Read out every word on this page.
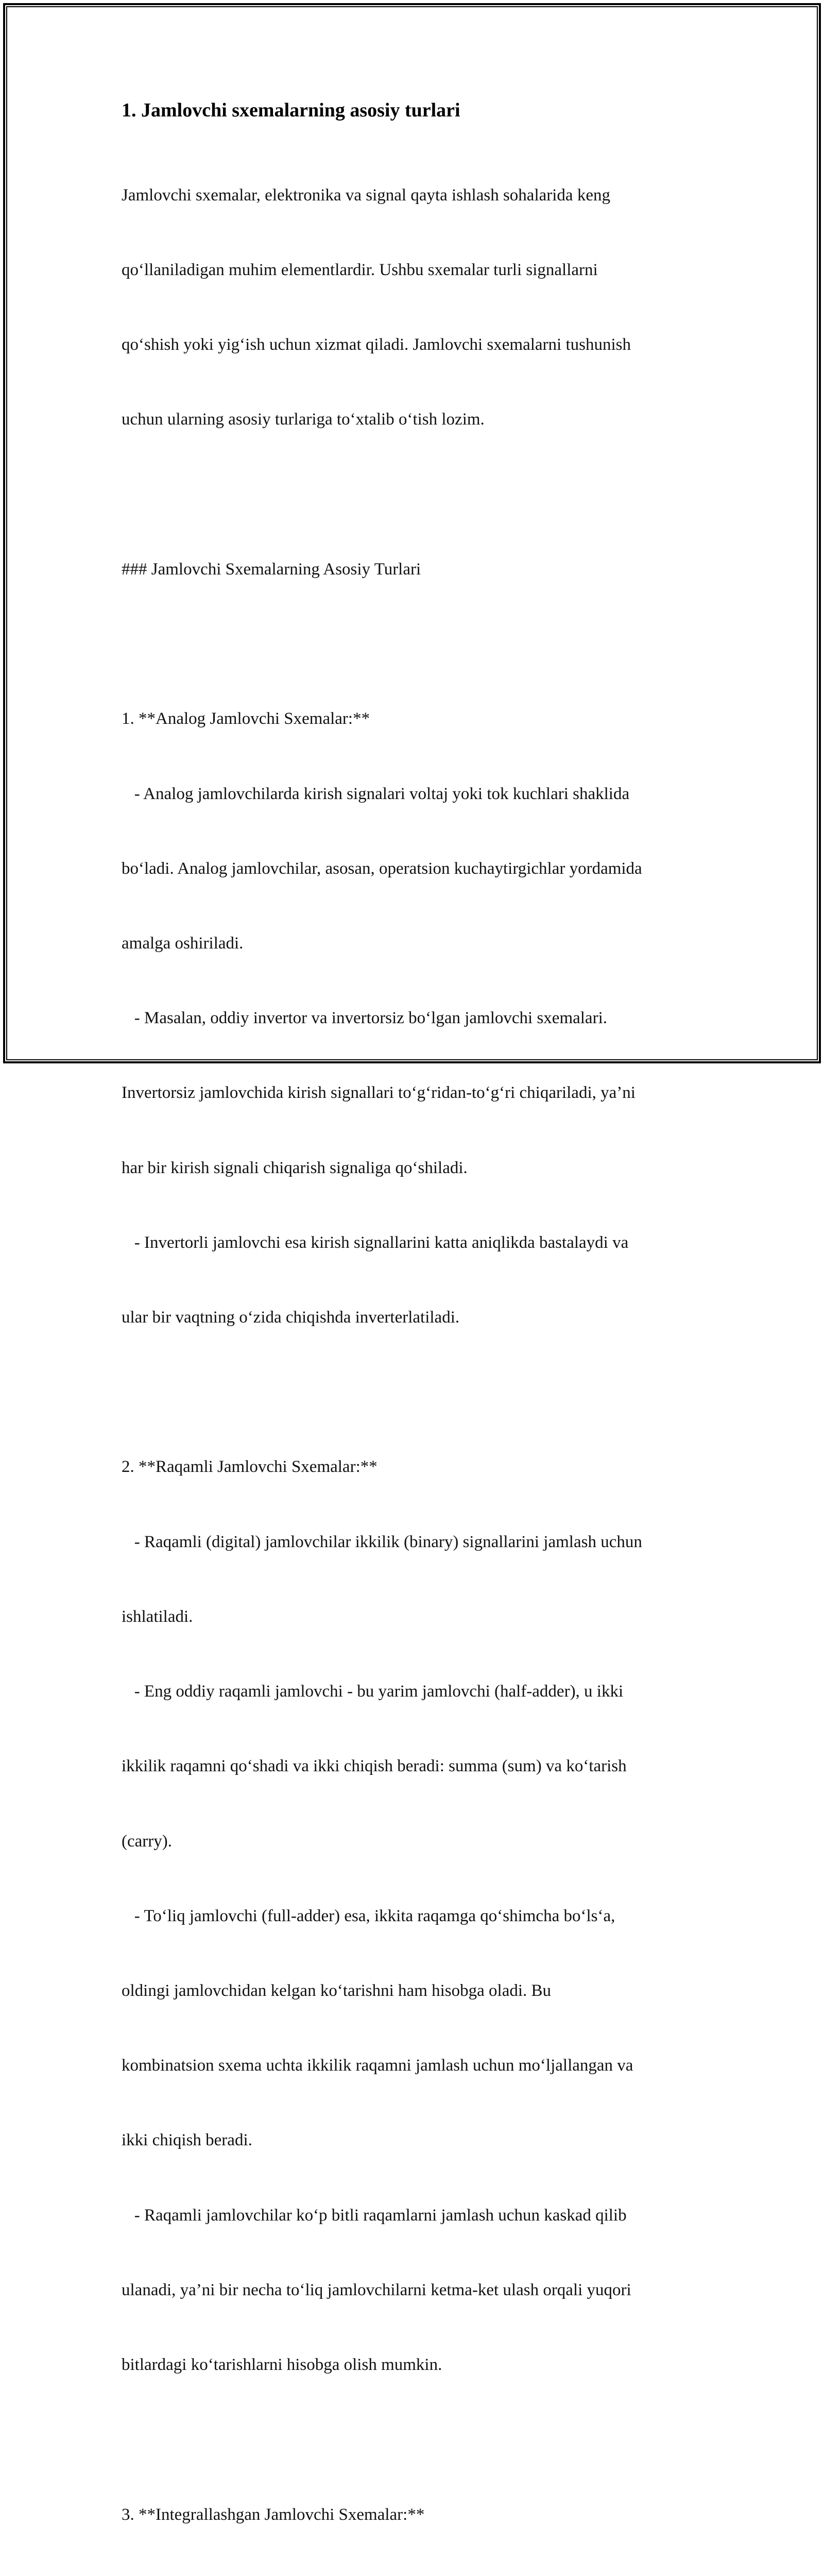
1. Jamlovchi sxemalarning asosiy turlari

Jamlovchi sxemalar, elektronika va signal qayta ishlash sohalarida keng

qo‘llaniladigan muhim elementlardir. Ushbu sxemalar turli signallarni

qo‘shish yoki yig‘ish uchun xizmat qiladi. Jamlovchi sxemalarni tushunish

uchun ularning asosiy turlariga to‘xtalib o‘tish lozim.

### Jamlovchi Sxemalarning Asosiy Turlari

1. **Analog Jamlovchi Sxemalar:**

- Analog jamlovchilarda kirish signalari voltaj yoki tok kuchlari shaklida

bo‘ladi. Analog jamlovchilar, asosan, operatsion kuchaytirgichlar yordamida

amalga oshiriladi.

- Masalan, oddiy invertor va invertorsiz bo‘lgan jamlovchi sxemalari.

Invertorsiz jamlovchida kirish signallari to‘g‘ridan-to‘g‘ri chiqariladi, ya’ni

har bir kirish signali chiqarish signaliga qo‘shiladi.

- Invertorli jamlovchi esa kirish signallarini katta aniqlikda bastalaydi va

ular bir vaqtning o‘zida chiqishda inverterlatiladi.

2. **Raqamli Jamlovchi Sxemalar:**

- Raqamli (digital) jamlovchilar ikkilik (binary) signallarini jamlash uchun

ishlatiladi.

- Eng oddiy raqamli jamlovchi - bu yarim jamlovchi (half-adder), u ikki

ikkilik raqamni qo‘shadi va ikki chiqish beradi: summa (sum) va ko‘tarish

(carry).

- To‘liq jamlovchi (full-adder) esa, ikkita raqamga qo‘shimcha bo‘ls‘a,

oldingi jamlovchidan kelgan ko‘tarishni ham hisobga oladi. Bu

kombinatsion sxema uchta ikkilik raqamni jamlash uchun mo‘ljallangan va

ikki chiqish beradi.

- Raqamli jamlovchilar ko‘p bitli raqamlarni jamlash uchun kaskad qilib

ulanadi, ya’ni bir necha to‘liq jamlovchilarni ketma-ket ulash orqali yuqori

bitlardagi ko‘tarishlarni hisobga olish mumkin.

3. **Integrallashgan Jamlovchi Sxemalar:**
